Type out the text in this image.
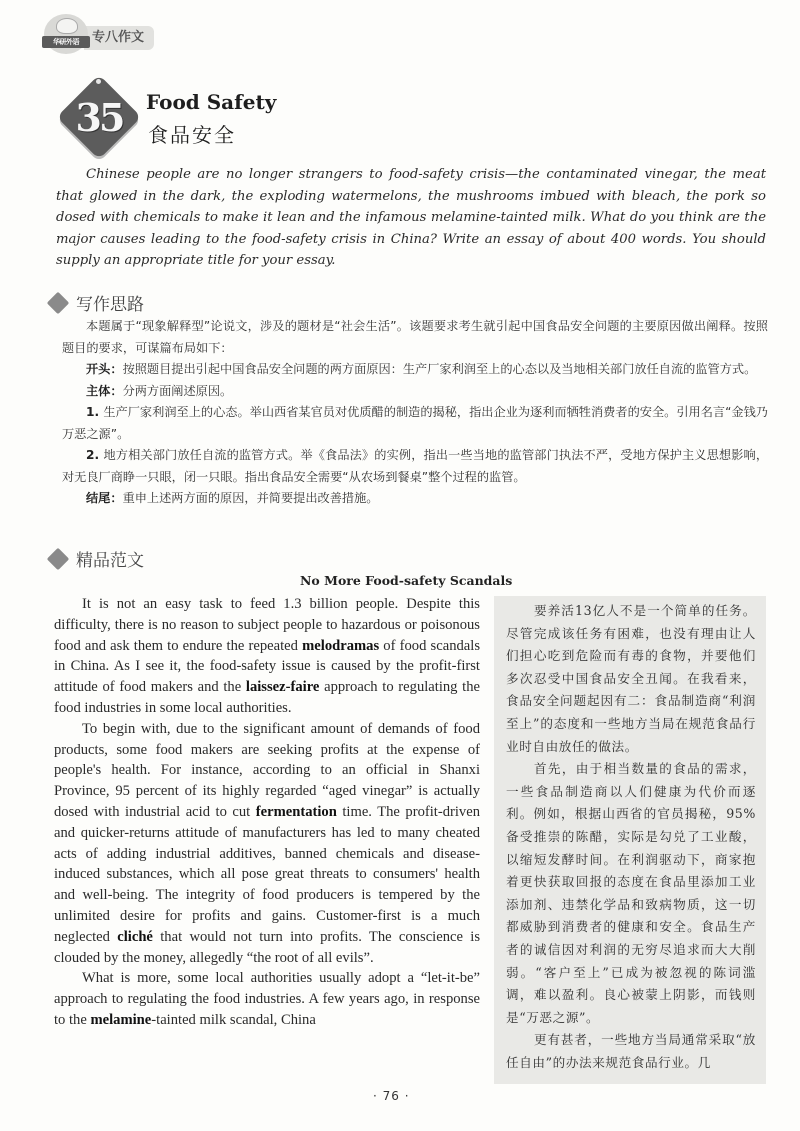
华研外语	专八作文
35	Food Safety
食品安全
Chinese people are no longer strangers to food-safety crisis—the contaminated vinegar, the meat that glowed in the dark, the exploding watermelons, the mushrooms imbued with bleach, the pork so dosed with chemicals to make it lean and the infamous melamine-tainted milk. What do you think are the major causes leading to the food-safety crisis in China? Write an essay of about 400 words. You should supply an appropriate title for your essay.
写作思路

本题属于“现象解释型”论说文，涉及的题材是“社会生活”。该题要求考生就引起中国食品安全问题的主要原因做出阐释。按照题目的要求，可谋篇布局如下：

开头：按照题目提出引起中国食品安全问题的两方面原因：生产厂家利润至上的心态以及当地相关部门放任自流的监管方式。

主体：分两方面阐述原因。

1. 生产厂家利润至上的心态。举山西省某官员对优质醋的制造的揭秘，指出企业为逐利而牺牲消费者的安全。引用名言“金钱乃万恶之源”。

2. 地方相关部门放任自流的监管方式。举《食品法》的实例，指出一些当地的监管部门执法不严，受地方保护主义思想影响，对无良厂商睁一只眼，闭一只眼。指出食品安全需要“从农场到餐桌”整个过程的监管。

结尾：重申上述两方面的原因，并简要提出改善措施。

精品范文
No More Food-safety Scandals

It is not an easy task to feed 1.3 billion people. Despite this difficulty, there is no reason to subject people to hazardous or poisonous food and ask them to endure the repeated melodramas of food scandals in China. As I see it, the food-safety issue is caused by the profit-first attitude of food makers and the laissez-faire approach to regulating the food industries in some local authorities.

To begin with, due to the significant amount of demands of food products, some food makers are seeking profits at the expense of people's health. For instance, according to an official in Shanxi Province, 95 percent of its highly regarded “aged vinegar” is actually dosed with industrial acid to cut fermentation time. The profit-driven and quicker-returns attitude of manufacturers has led to many cheated acts of adding industrial additives, banned chemicals and disease-induced substances, which all pose great threats to consumers' health and well-being. The integrity of food producers is tempered by the unlimited desire for profits and gains. Customer-first is a much neglected cliché that would not turn into profits. The conscience is clouded by the money, allegedly “the root of all evils”.

What is more, some local authorities usually adopt a “let-it-be” approach to regulating the food industries. A few years ago, in response to the melamine-tainted milk scandal, China

要养活13亿人不是一个简单的任务。尽管完成该任务有困难，也没有理由让人们担心吃到危险而有毒的食物，并要他们多次忍受中国食品安全丑闻。在我看来，食品安全问题起因有二：食品制造商“利润至上”的态度和一些地方当局在规范食品行业时自由放任的做法。

首先，由于相当数量的食品的需求，一些食品制造商以人们健康为代价而逐利。例如，根据山西省的官员揭秘，95%备受推崇的陈醋，实际是勾兑了工业酸，以缩短发酵时间。在利润驱动下，商家抱着更快获取回报的态度在食品里添加工业添加剂、违禁化学品和致病物质，这一切都威胁到消费者的健康和安全。食品生产者的诚信因对利润的无穷尽追求而大大削弱。“客户至上”已成为被忽视的陈词滥调，难以盈利。良心被蒙上阴影，而钱则是“万恶之源”。

更有甚者，一些地方当局通常采取“放任自由”的办法来规范食品行业。几

· 76 ·
